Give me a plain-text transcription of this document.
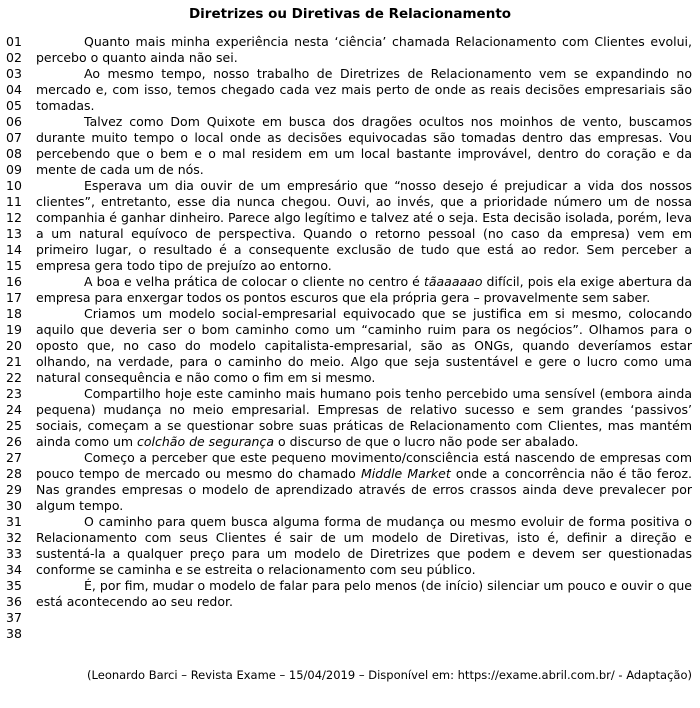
Diretrizes ou Diretivas de Relacionamento
01
02
03
04
05
06
07
08
09
10
11
12
13
14
15
16
17
18
19
20
21
22
23
24
25
26
27
28
29
30
31
32
33
34
35
36
37
38

Quanto mais minha experiência nesta ‘ciência’ chamada Relacionamento com Clientes evolui, percebo o quanto ainda não sei.

Ao mesmo tempo, nosso trabalho de Diretrizes de Relacionamento vem se expandindo no mercado e, com isso, temos chegado cada vez mais perto de onde as reais decisões empresariais são tomadas.

Talvez como Dom Quixote em busca dos dragões ocultos nos moinhos de vento, buscamos durante muito tempo o local onde as decisões equivocadas são tomadas dentro das empresas. Vou percebendo que o bem e o mal residem em um local bastante improvável, dentro do coração e da mente de cada um de nós.

Esperava um dia ouvir de um empresário que “nosso desejo é prejudicar a vida dos nossos clientes”, entretanto, esse dia nunca chegou. Ouvi, ao invés, que a prioridade número um de nossa companhia é ganhar dinheiro. Parece algo legítimo e talvez até o seja. Esta decisão isolada, porém, leva a um natural equívoco de perspectiva. Quando o retorno pessoal (no caso da empresa) vem em primeiro lugar, o resultado é a consequente exclusão de tudo que está ao redor. Sem perceber a empresa gera todo tipo de prejuízo ao entorno.

A boa e velha prática de colocar o cliente no centro é tãaaaaao difícil, pois ela exige abertura da empresa para enxergar todos os pontos escuros que ela própria gera – provavelmente sem saber.

Criamos um modelo social-empresarial equivocado que se justifica em si mesmo, colocando aquilo que deveria ser o bom caminho como um “caminho ruim para os negócios”. Olhamos para o oposto que, no caso do modelo capitalista-empresarial, são as ONGs, quando deveríamos estar olhando, na verdade, para o caminho do meio. Algo que seja sustentável e gere o lucro como uma natural consequência e não como o fim em si mesmo.

Compartilho hoje este caminho mais humano pois tenho percebido uma sensível (embora ainda pequena) mudança no meio empresarial. Empresas de relativo sucesso e sem grandes ‘passivos’ sociais, começam a se questionar sobre suas práticas de Relacionamento com Clientes, mas mantém ainda como um colchão de segurança o discurso de que o lucro não pode ser abalado.

Começo a perceber que este pequeno movimento/consciência está nascendo de empresas com pouco tempo de mercado ou mesmo do chamado Middle Market onde a concorrência não é tão feroz. Nas grandes empresas o modelo de aprendizado através de erros crassos ainda deve prevalecer por algum tempo.

O caminho para quem busca alguma forma de mudança ou mesmo evoluir de forma positiva o Relacionamento com seus Clientes é sair de um modelo de Diretivas, isto é, definir a direção e sustentá-la a qualquer preço para um modelo de Diretrizes que podem e devem ser questionadas conforme se caminha e se estreita o relacionamento com seu público.

É, por fim, mudar o modelo de falar para pelo menos (de início) silenciar um pouco e ouvir o que está acontecendo ao seu redor.

(Leonardo Barci – Revista Exame – 15/04/2019 – Disponível em: https://exame.abril.com.br/ - Adaptação)
